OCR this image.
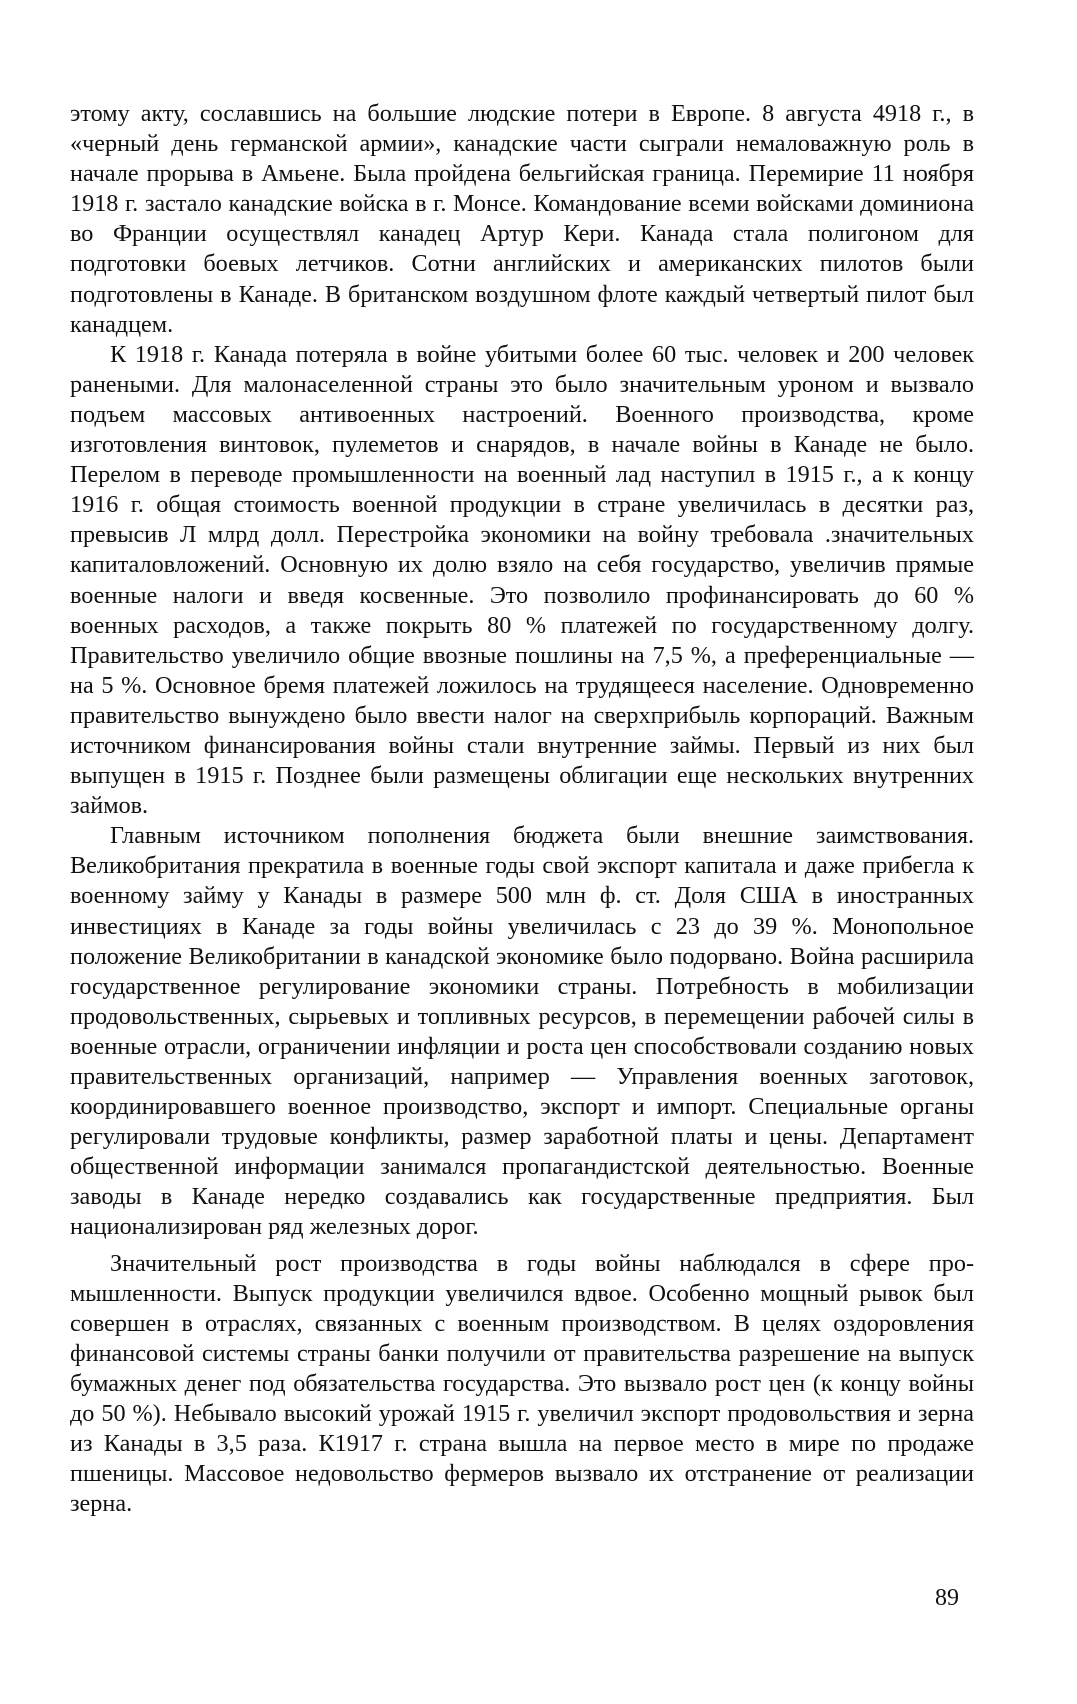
этому акту, сославшись на большие людские потери в Европе. 8 августа 4918 г., в «черный день германской армии», канадские части сыграли немаловажную роль в начале прорыва в Амьене. Была пройдена бельгийская граница. Перемирие 11 ноября 1918 г. застало канадские войска в г. Монсе. Командование всеми войсками доминиона во Франции осуществлял канадец Артур Кери. Канада стала полигоном для подготовки боевых летчиков. Сотни английских и американских пилотов были подготовлены в Канаде. В британском воздушном флоте каждый четвертый пилот был канадцем.

К 1918 г. Канада потеряла в войне убитыми более 60 тыс. человек и 200 человек ранеными. Для малонаселенной страны это было значительным уроном и вызвало подъем массовых антивоенных настроений. Военного производства, кроме изготовления винтовок, пулеметов и снарядов, в начале войны в Канаде не было. Перелом в переводе промышленности на военный лад наступил в 1915 г., а к концу 1916 г. общая стоимость военной продукции в стране увеличилась в десятки раз, превысив Л млрд долл. Перестройка экономики на войну требовала .значительных капиталовложений. Основную их долю взяло на себя государство, увеличив прямые военные налоги и введя косвенные. Это позволило профинансировать до 60 % военных расходов, а также покрыть 80 % платежей по государственному долгу. Правительство увеличило общие ввозные пошлины на 7,5 %, а преференциальные — на 5 %. Основное бремя платежей ложилось на трудящееся население. Одновременно правительство вынуждено было ввести налог на сверхприбыль корпораций. Важным источником финансирования войны стали внутренние займы. Первый из них был выпущен в 1915 г. Позднее были размещены облигации еще нескольких внутренних займов.

Главным источником пополнения бюджета были внешние заимствования. Великобритания прекратила в военные годы свой экспорт капитала и даже прибегла к военному займу у Канады в размере 500 млн ф. ст. Доля США в иностранных инвестициях в Канаде за годы войны увеличилась с 23 до 39 %. Монопольное положение Великобритании в канадской экономике было подорвано. Война расширила государственное регулирование экономики страны. Потребность в мобилизации продовольственных, сырьевых и топливных ресурсов, в перемещении рабочей силы в военные отрасли, ограничении инфляции и роста цен способствовали созданию новых правительственных организаций, например — Управления военных заготовок, координировавшего военное производство, экспорт и импорт. Специальные органы регулировали трудовые конфликты, размер заработной платы и цены. Департамент общественной информации занимался пропагандистской деятельностью. Военные заводы в Канаде нередко создавались как государственные предприятия. Был национализирован ряд железных дорог.

Значительный рост производства в годы войны наблюдался в сфере промышленности. Выпуск продукции увеличился вдвое. Особенно мощный рывок был совершен в отраслях, связанных с военным производством. В целях оздоровления финансовой системы страны банки получили от правительства разрешение на выпуск бумажных денег под обязательства государства. Это вызвало рост цен (к концу войны до 50 %). Небывало высокий урожай 1915 г. увеличил экспорт продовольствия и зерна из Канады в 3,5 раза. К1917 г. страна вышла на первое место в мире по продаже пшеницы. Массовое недовольство фермеров вызвало их отстранение от реализации зерна.

89
